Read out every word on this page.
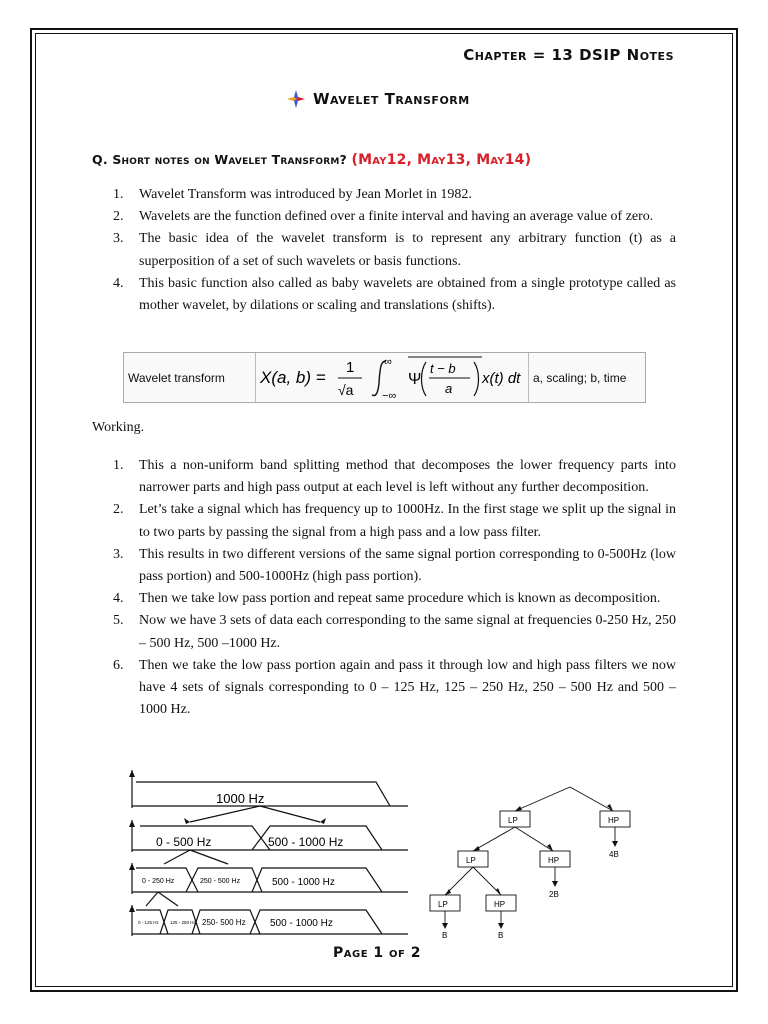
Chapter = 13 DSIP Notes
Wavelet Transform
Q. Short notes on Wavelet Transform? (May12, May13, May14)
1. Wavelet Transform was introduced by Jean Morlet in 1982.
2. Wavelets are the function defined over a finite interval and having an average value of zero.
3. The basic idea of the wavelet transform is to represent any arbitrary function (t) as a superposition of a set of such wavelets or basis functions.
4. This basic function also called as baby wavelets are obtained from a single prototype called as mother wavelet, by dilations or scaling and translations (shifts).
Wavelet transform	X(a, b) =
1
√a
∞
−∞
Ψ
t − b
a
x(t) dt	a, scaling; b, time
Working.
1. This a non-uniform band splitting method that decomposes the lower frequency parts into narrower parts and high pass output at each level is left without any further decomposition.
2. Let’s take a signal which has frequency up to 1000Hz. In the first stage we split up the signal in to two parts by passing the signal from a high pass and a low pass filter.
3. This results in two different versions of the same signal portion corresponding to 0-500Hz (low pass portion) and 500-1000Hz (high pass portion).
4. Then we take low pass portion and repeat same procedure which is known as decomposition.
5. Now we have 3 sets of data each corresponding to the same signal at frequencies 0-250 Hz, 250 – 500 Hz, 500 –1000 Hz.
6. Then we take the low pass portion again and pass it through low and high pass filters we now have 4 sets of signals corresponding to 0 – 125 Hz, 125 – 250 Hz, 250 – 500 Hz and 500 – 1000 Hz.
1000 Hz
0 - 500 Hz	500 - 1000 Hz
0 - 250 Hz	250 - 500 Hz	500 - 1000 Hz
0 - 125 Hz 125 - 250 Hz 250- 500 Hz 500 - 1000 Hz
LP	HP
LP	HP
LP	HP
4B
2B
B	B
Page 1 of 2
